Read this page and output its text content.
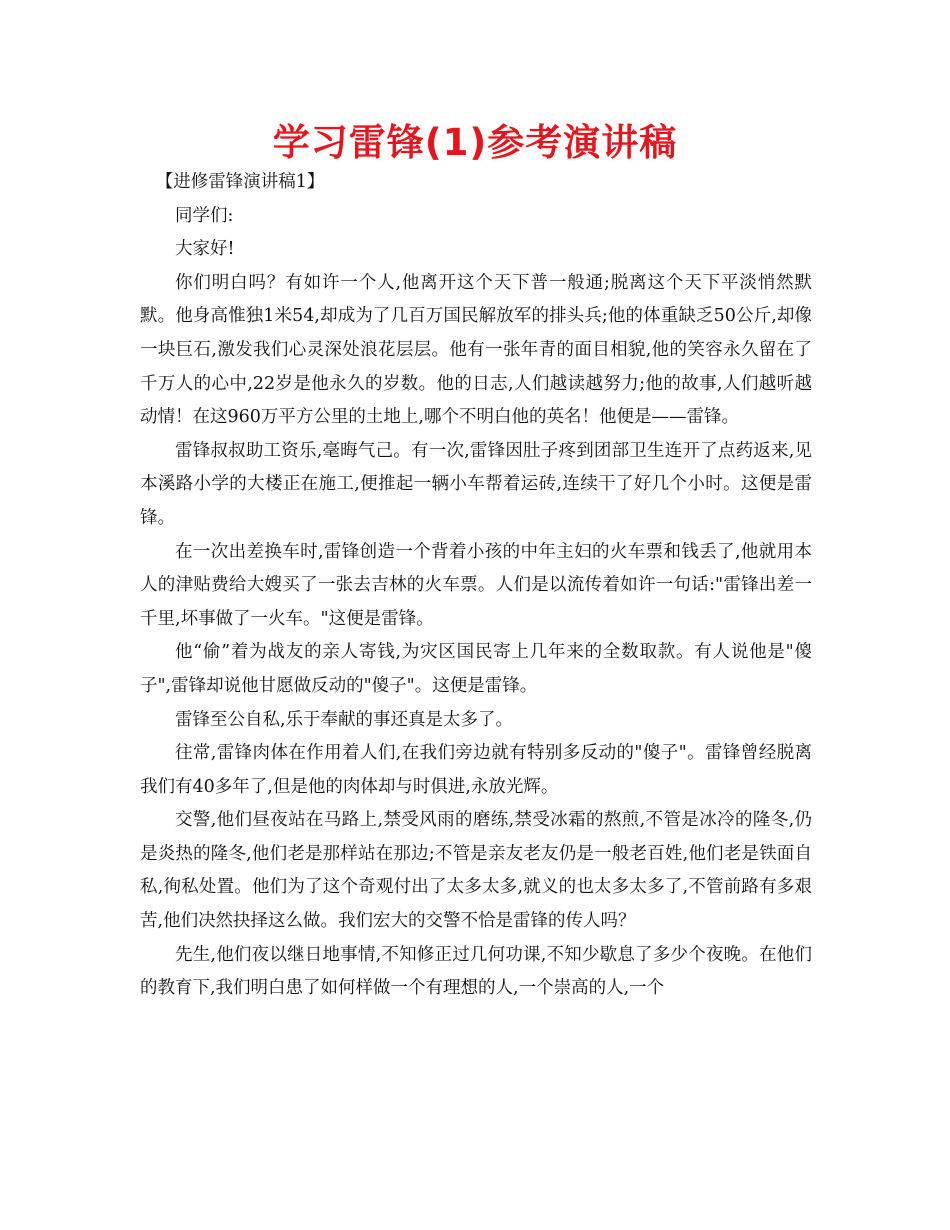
学习雷锋(1)参考演讲稿

【进修雷锋演讲稿1】

同学们:

大家好!

你们明白吗？有如许一个人,他离开这个天下普一般通;脱离这个天下平淡悄然默默。他身高惟独1米54,却成为了几百万国民解放军的排头兵;他的体重缺乏50公斤,却像一块巨石,激发我们心灵深处浪花层层。他有一张年青的面目相貌,他的笑容永久留在了千万人的心中,22岁是他永久的岁数。他的日志,人们越读越努力;他的故事,人们越听越动情！在这960万平方公里的土地上,哪个不明白他的英名！他便是——雷锋。

雷锋叔叔助工资乐,毫晦气己。有一次,雷锋因肚子疼到团部卫生连开了点药返来,见本溪路小学的大楼正在施工,便推起一辆小车帮着运砖,连续干了好几个小时。这便是雷锋。

在一次出差换车时,雷锋创造一个背着小孩的中年主妇的火车票和钱丢了,他就用本人的津贴费给大嫂买了一张去吉林的火车票。人们是以流传着如许一句话:"雷锋出差一千里,坏事做了一火车。"这便是雷锋。

他“偷”着为战友的亲人寄钱,为灾区国民寄上几年来的全数取款。有人说他是"傻子",雷锋却说他甘愿做反动的"傻子"。这便是雷锋。

雷锋至公自私,乐于奉献的事还真是太多了。

往常,雷锋肉体在作用着人们,在我们旁边就有特别多反动的"傻子"。雷锋曾经脱离我们有40多年了,但是他的肉体却与时俱进,永放光辉。

交警,他们昼夜站在马路上,禁受风雨的磨练,禁受冰霜的熬煎,不管是冰冷的隆冬,仍是炎热的隆冬,他们老是那样站在那边;不管是亲友老友仍是一般老百姓,他们老是铁面自私,徇私处置。他们为了这个奇观付出了太多太多,就义的也太多太多了,不管前路有多艰苦,他们决然抉择这么做。我们宏大的交警不恰是雷锋的传人吗？

先生,他们夜以继日地事情,不知修正过几何功课,不知少歇息了多少个夜晚。在他们的教育下,我们明白患了如何样做一个有理想的人,一个崇高的人,一个
